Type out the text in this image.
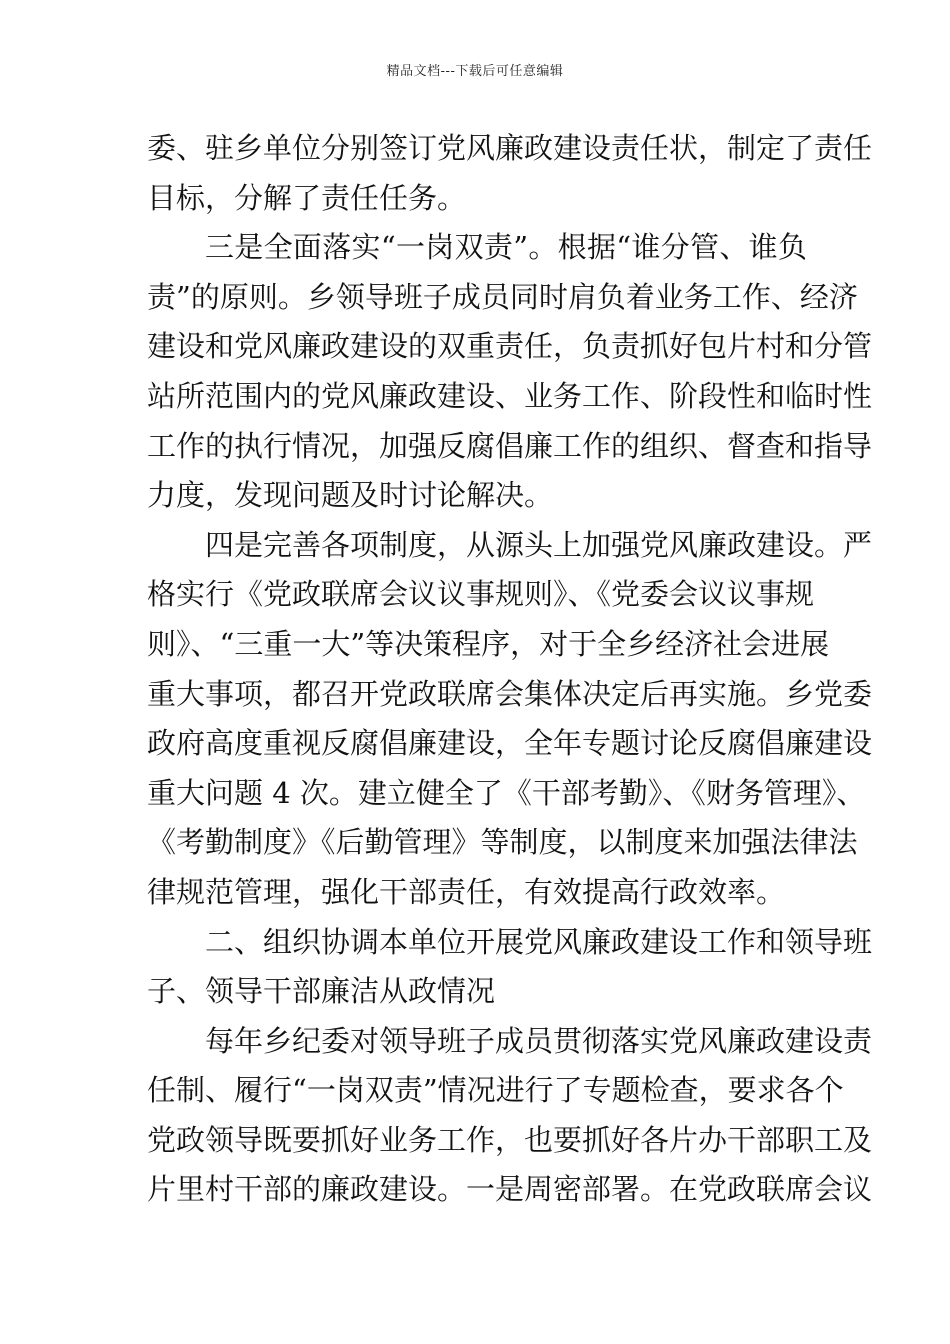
精品文档---下载后可任意编辑
委、驻乡单位分别签订党风廉政建设责任状，制定了责任
目标，分解了责任任务。
三是全面落实“一岗双责”。根据“谁分管、谁负
责”的原则。乡领导班子成员同时肩负着业务工作、经济
建设和党风廉政建设的双重责任，负责抓好包片村和分管
站所范围内的党风廉政建设、业务工作、阶段性和临时性
工作的执行情况，加强反腐倡廉工作的组织、督查和指导
力度，发现问题及时讨论解决。
四是完善各项制度，从源头上加强党风廉政建设。严
格实行《党政联席会议议事规则》、《党委会议议事规
则》、“三重一大”等决策程序，对于全乡经济社会进展
重大事项，都召开党政联席会集体决定后再实施。乡党委
政府高度重视反腐倡廉建设，全年专题讨论反腐倡廉建设
重大问题 4 次。建立健全了《干部考勤》、《财务管理》、
《考勤制度》《后勤管理》等制度，以制度来加强法律法
律规范管理，强化干部责任，有效提高行政效率。
二、组织协调本单位开展党风廉政建设工作和领导班
子、领导干部廉洁从政情况
每年乡纪委对领导班子成员贯彻落实党风廉政建设责
任制、履行“一岗双责”情况进行了专题检查，要求各个
党政领导既要抓好业务工作，也要抓好各片办干部职工及
片里村干部的廉政建设。一是周密部署。在党政联席会议
